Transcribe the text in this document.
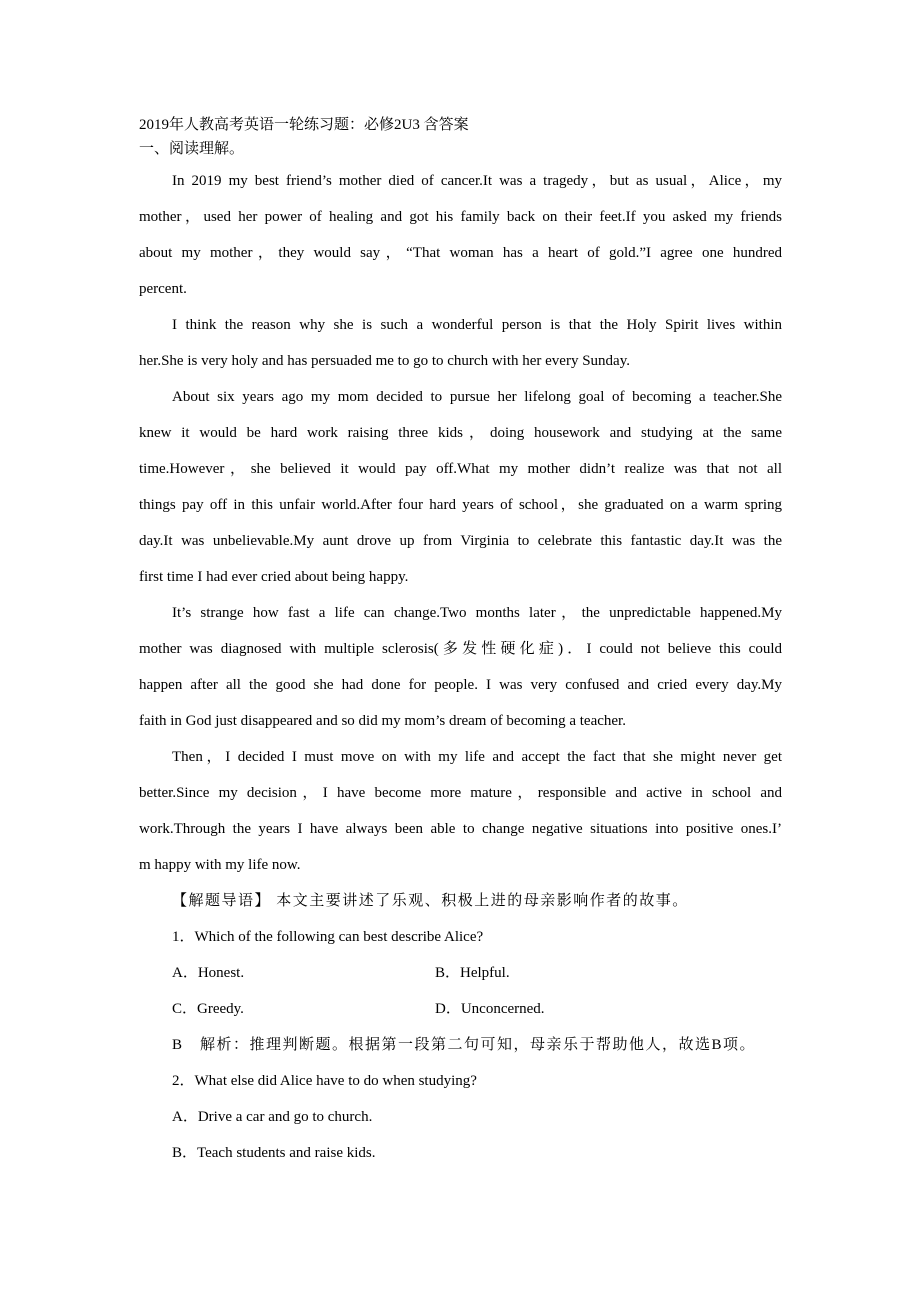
2019年人教高考英语一轮练习题：必修2U3 含答案
一、阅读理解。
In 2019 my best friend’s mother died of cancer.It was a tragedy，but as usual，Alice，my
mother，used her power of healing and got his family back on their feet.If you asked my friends
about my mother，they would say，“That woman has a heart of gold.”I agree one hundred
percent.
I think the reason why she is such a wonderful person is that the Holy Spirit lives within
her.She is very holy and has persuaded me to go to church with her every Sunday.
About six years ago my mom decided to pursue her lifelong goal of becoming a teacher.She
knew it would be hard work raising three kids，doing housework and studying at the same
time.However，she believed it would pay off.What my mother didn’t realize was that not all
things pay off in this unfair world.After four hard years of school，she graduated on a warm spring
day.It was unbelievable.My aunt drove up from Virginia to celebrate this fantastic day.It was the
first time I had ever cried about being happy.
It’s strange how fast a life can change.Two months later，the unpredictable happened.My
mother was diagnosed with multiple sclerosis(多发性硬化症)．I could not believe this could
happen after all the good she had done for people. I was very confused and cried every day.My
faith in God just disappeared and so did my mom’s dream of becoming a teacher.
Then，I decided I must move on with my life and accept the fact that she might never get
better.Since my decision，I have become more mature，responsible and active in school and
work.Through the years I have always been able to change negative situations into positive ones.I’
m happy with my life now.
【解题导语】 本文主要讲述了乐观、积极上进的母亲影响作者的故事。
1．Which of the following can best describe Alice?
A．Honest.	B．Helpful.
C．Greedy.	D．Unconcerned.
B　解析：推理判断题。根据第一段第二句可知，母亲乐于帮助他人，故选B项。
2．What else did Alice have to do when studying?
A．Drive a car and go to church.
B．Teach students and raise kids.
